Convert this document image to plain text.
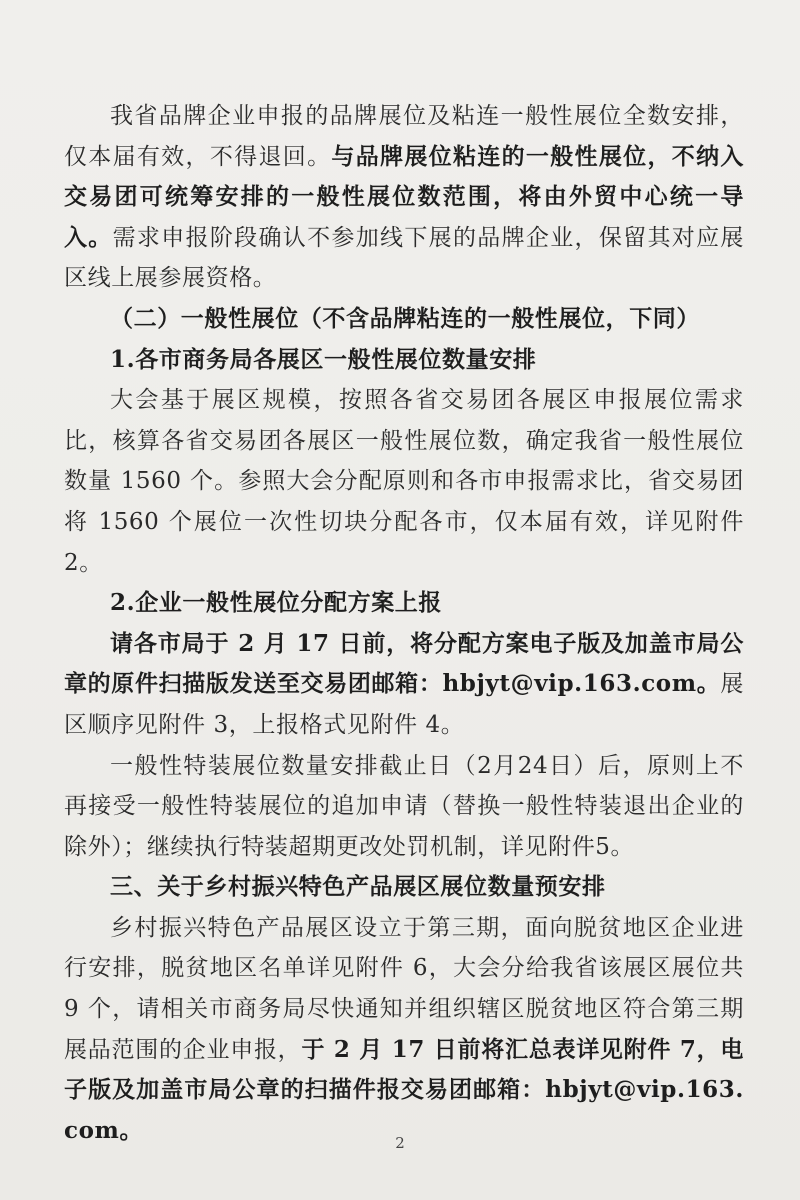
我省品牌企业申报的品牌展位及粘连一般性展位全数安排，仅本届有效，不得退回。与品牌展位粘连的一般性展位，不纳入交易团可统筹安排的一般性展位数范围，将由外贸中心统一导入。需求申报阶段确认不参加线下展的品牌企业，保留其对应展区线上展参展资格。

（二）一般性展位（不含品牌粘连的一般性展位，下同）

1.各市商务局各展区一般性展位数量安排

大会基于展区规模，按照各省交易团各展区申报展位需求比，核算各省交易团各展区一般性展位数，确定我省一般性展位数量 1560 个。参照大会分配原则和各市申报需求比，省交易团将 1560 个展位一次性切块分配各市，仅本届有效，详见附件 2。

2.企业一般性展位分配方案上报

请各市局于 2 月 17 日前，将分配方案电子版及加盖市局公章的原件扫描版发送至交易团邮箱：hbjyt@vip.163.com。展区顺序见附件 3，上报格式见附件 4。

一般性特装展位数量安排截止日（2月24日）后，原则上不再接受一般性特装展位的追加申请（替换一般性特装退出企业的除外）；继续执行特装超期更改处罚机制，详见附件5。

三、关于乡村振兴特色产品展区展位数量预安排

乡村振兴特色产品展区设立于第三期，面向脱贫地区企业进行安排，脱贫地区名单详见附件 6，大会分给我省该展区展位共 9 个，请相关市商务局尽快通知并组织辖区脱贫地区符合第三期展品范围的企业申报，于 2 月 17 日前将汇总表详见附件 7，电子版及加盖市局公章的扫描件报交易团邮箱：hbjyt@vip.163.com。	2
